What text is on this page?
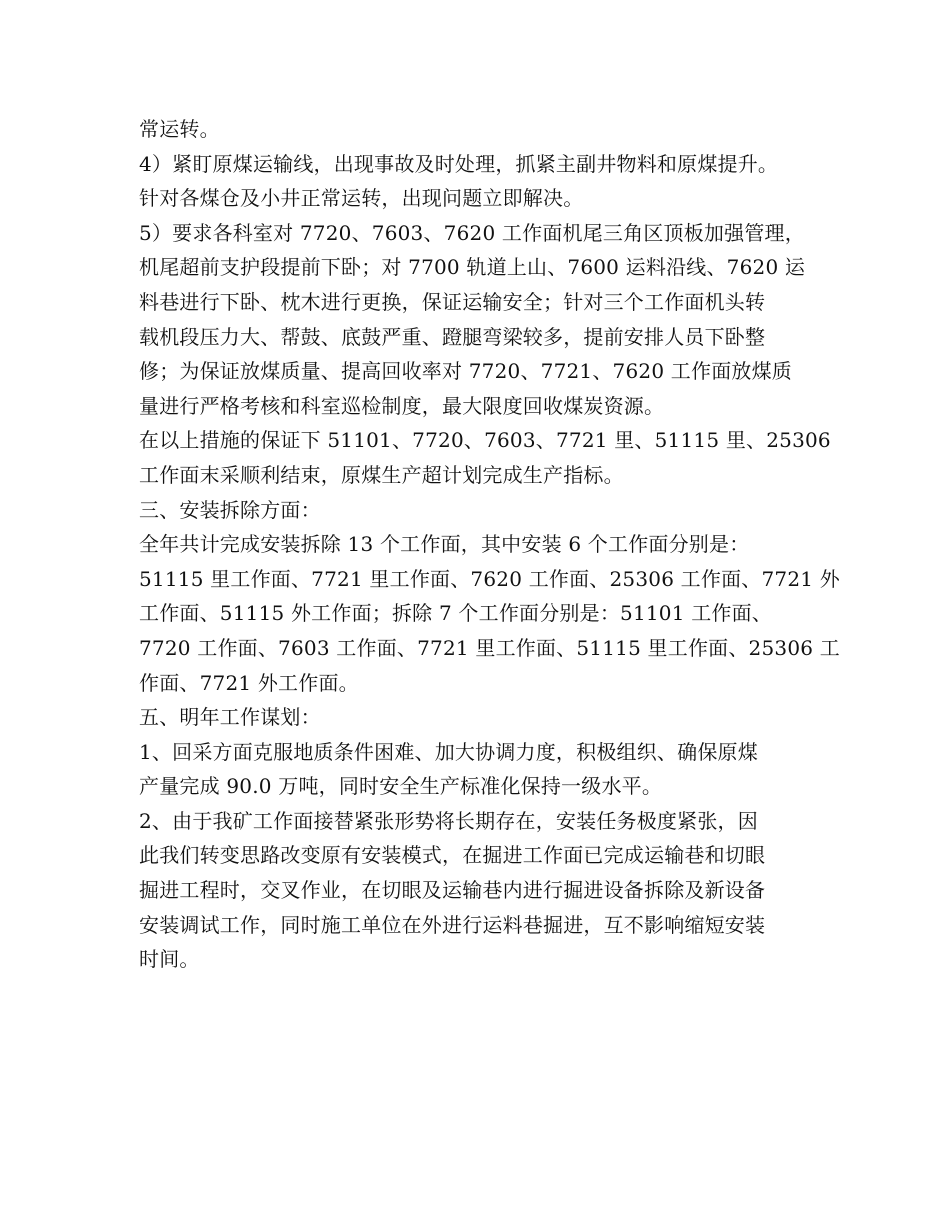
常运转。
4）紧盯原煤运输线，出现事故及时处理，抓紧主副井物料和原煤提升。
针对各煤仓及小井正常运转，出现问题立即解决。
5）要求各科室对 7720、7603、7620 工作面机尾三角区顶板加强管理，
机尾超前支护段提前下卧；对 7700 轨道上山、7600 运料沿线、7620 运
料巷进行下卧、枕木进行更换，保证运输安全；针对三个工作面机头转
载机段压力大、帮鼓、底鼓严重、蹬腿弯梁较多，提前安排人员下卧整
修；为保证放煤质量、提高回收率对 7720、7721、7620 工作面放煤质
量进行严格考核和科室巡检制度，最大限度回收煤炭资源。
在以上措施的保证下 51101、7720、7603、7721 里、51115 里、25306
工作面末采顺利结束，原煤生产超计划完成生产指标。
三、安装拆除方面：
全年共计完成安装拆除 13 个工作面，其中安装 6 个工作面分别是：
51115 里工作面、7721 里工作面、7620 工作面、25306 工作面、7721 外
工作面、51115 外工作面；拆除 7 个工作面分别是：51101 工作面、
7720 工作面、7603 工作面、7721 里工作面、51115 里工作面、25306 工
作面、7721 外工作面。
五、明年工作谋划：
1、回采方面克服地质条件困难、加大协调力度，积极组织、确保原煤
产量完成 90.0 万吨，同时安全生产标准化保持一级水平。
2、由于我矿工作面接替紧张形势将长期存在，安装任务极度紧张，因
此我们转变思路改变原有安装模式，在掘进工作面已完成运输巷和切眼
掘进工程时，交叉作业，在切眼及运输巷内进行掘进设备拆除及新设备
安装调试工作，同时施工单位在外进行运料巷掘进，互不影响缩短安装
时间。
